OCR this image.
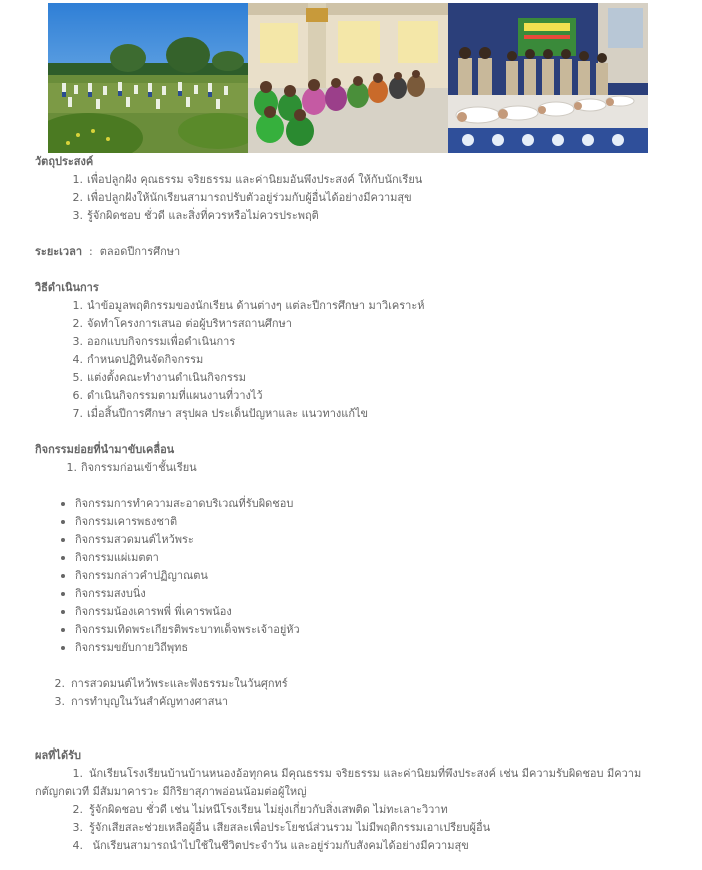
วัตถุประสงค์
1. เพื่อปลูกฝัง คุณธรรม จริยธรรม และค่านิยมอันพึงประสงค์ ให้กับนักเรียน
2. เพื่อปลูกฝังให้นักเรียนสามารถปรับตัวอยู่ร่วมกับผู้อื่นได้อย่างมีความสุข
3. รู้จักผิดชอบ ชั่วดี และสิ่งที่ควรหรือไม่ควรประพฤติ
ระยะเวลา : ตลอดปีการศึกษา
วิธีดำเนินการ
1. นำข้อมูลพฤติกรรมของนักเรียน ด้านต่างๆ แต่ละปีการศึกษา มาวิเคราะห์
2. จัดทำโครงการเสนอ ต่อผู้บริหารสถานศึกษา
3. ออกแบบกิจกรรมเพื่อดำเนินการ
4. กำหนดปฏิทินจัดกิจกรรม
5. แต่งตั้งคณะทำงานดำเนินกิจกรรม
6. ดำเนินกิจกรรมตามที่แผนงานที่วางไว้
7. เมื่อสิ้นปีการศึกษา สรุปผล ประเด็นปัญหาและ แนวทางแก้ไข
กิจกรรมย่อยที่นำมาขับเคลื่อน
1. กิจกรรมก่อนเข้าชั้นเรียน
กิจกรรมการทำความสะอาดบริเวณที่รับผิดชอบ
กิจกรรมเคารพธงชาติ
กิจกรรมสวดมนต์ไหว้พระ
กิจกรรมแผ่เมตตา
กิจกรรมกล่าวคำปฏิญาณตน
กิจกรรมสงบนิ่ง
กิจกรรมน้องเคารพพี่ พี่เคารพน้อง
กิจกรรมเทิดพระเกียรติพระบาทเด็จพระเจ้าอยู่หัว
กิจกรรมขยับกายวิถีพุทธ
2. การสวดมนต์ไหว้พระและฟังธรรมะในวันศุกทร์
3. การทำบุญในวันสำคัญทางศาสนา
ผลที่ได้รับ
1. นักเรียนโรงเรียนบ้านบ้านหนองอ้อทุกคน มีคุณธรรม จริยธรรม และค่านิยมที่พึงประสงค์ เช่น มีความรับผิดชอบ มีความ
กตัญกตเวที มีสัมมาคารวะ มีกิริยาสุภาพอ่อนน้อมต่อผู้ใหญ่
2. รู้จักผิดชอบ ชั่วดี เช่น ไม่หนีโรงเรียน ไม่ยุ่งเกี่ยวกับสิ่งเสพติด ไม่ทะเลาะวิวาท
3. รู้จักเสียสละช่วยเหลือผู้อื่น เสียสละเพื่อประโยชน์ส่วนรวม ไม่มีพฤติกรรมเอาเปรียบผู้อื่น
4. นักเรียนสามารถนำไปใช้ในชีวิตประจำวัน และอยู่ร่วมกับสังคมได้อย่างมีความสุข
